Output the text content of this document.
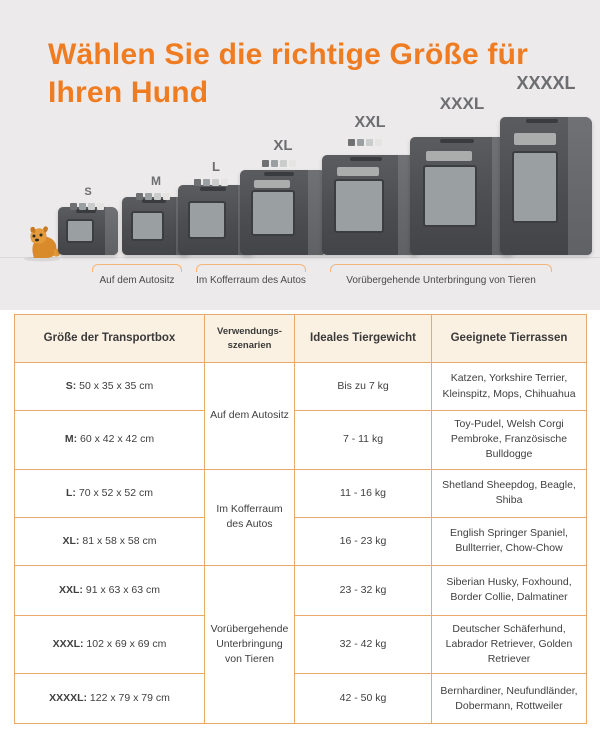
Wählen Sie die richtige Größe für Ihren Hund
S
M
L
XL
XXL
XXXL
XXXXL
Auf dem Autositz	Im Kofferraum des Autos	Vorübergehende Unterbringung von Tieren
Größe der Transportbox	Verwendungs-szenarien	Ideales Tiergewicht	Geeignete Tierrassen
S: 50 x 35 x 35 cm	Auf dem Autositz	Bis zu 7 kg	Katzen, Yorkshire Terrier, Kleinspitz, Mops, Chihuahua
M: 60 x 42 x 42 cm		7 - 11 kg	Toy-Pudel, Welsh Corgi Pembroke, Französische Bulldogge
L: 70 x 52 x 52 cm	Im Kofferraum des Autos	11 - 16 kg	Shetland Sheepdog, Beagle, Shiba
XL: 81 x 58 x 58 cm		16 - 23 kg	English Springer Spaniel, Bullterrier, Chow-Chow
XXL: 91 x 63 x 63 cm	Vorübergehende Unterbringung von Tieren	23 - 32 kg	Siberian Husky, Foxhound, Border Collie, Dalmatiner
XXXL: 102 x 69 x 69 cm		32 - 42 kg	Deutscher Schäferhund, Labrador Retriever, Golden Retriever
XXXXL: 122 x 79 x 79 cm		42 - 50 kg	Bernhardiner, Neufundländer, Dobermann, Rottweiler
